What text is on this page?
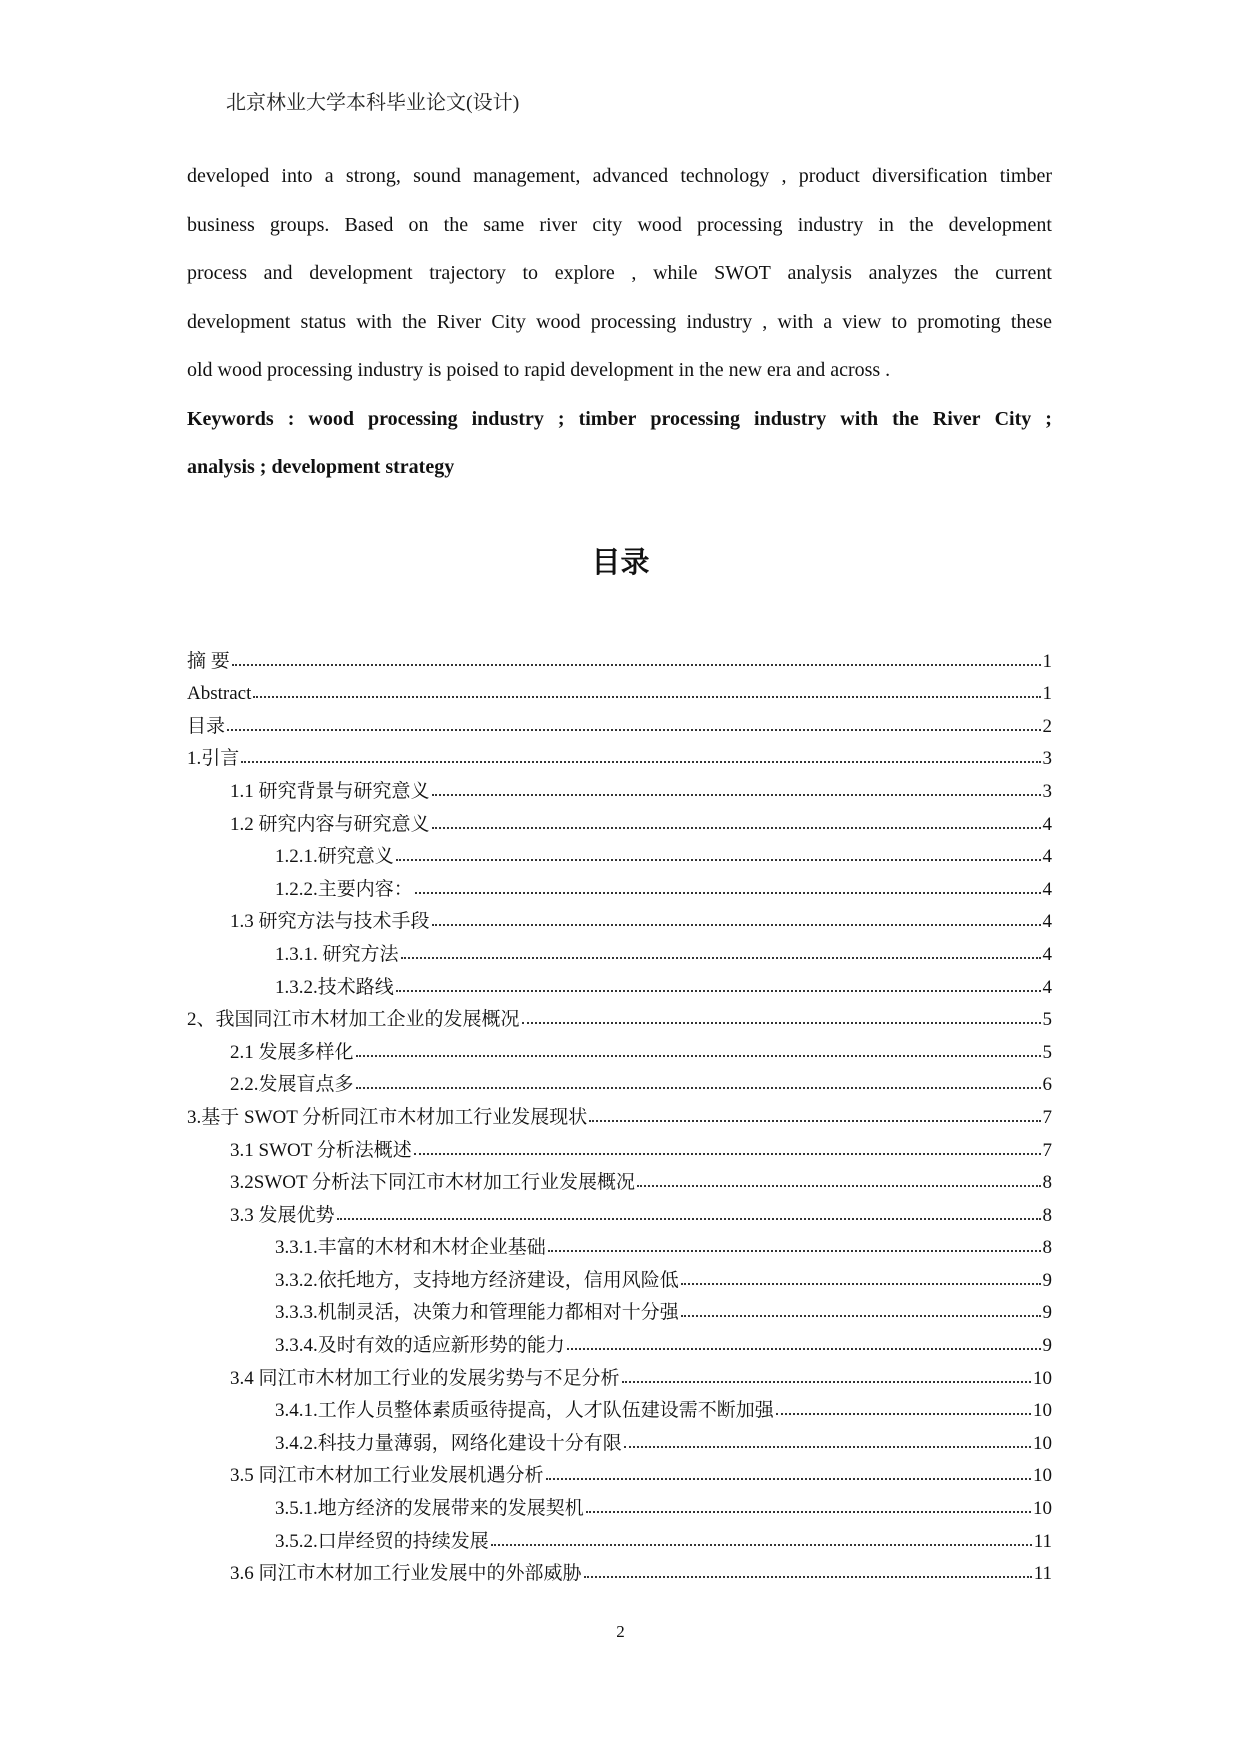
北京林业大学本科毕业论文(设计)
developed into a strong, sound management, advanced technology , product diversification timber
business groups. Based on the same river city wood processing industry in the development
process and development trajectory to explore , while SWOT analysis analyzes the current
development status with the River City wood processing industry , with a view to promoting these
old wood processing industry is poised to rapid development in the new era and across .
Keywords : wood processing industry ; timber processing industry with the River City ;
analysis ; development strategy
目录
摘 要	1
Abstract	1
目录	2
1.引言	3
1.1 研究背景与研究意义	3
1.2 研究内容与研究意义	4
1.2.1.研究意义	4
1.2.2.主要内容：	4
1.3 研究方法与技术手段	4
1.3.1. 研究方法	4
1.3.2.技术路线	4
2、我国同江市木材加工企业的发展概况	5
2.1 发展多样化	5
2.2.发展盲点多	6
3.基于 SWOT 分析同江市木材加工行业发展现状	7
3.1 SWOT 分析法概述	7
3.2SWOT 分析法下同江市木材加工行业发展概况	8
3.3 发展优势	8
3.3.1.丰富的木材和木材企业基础	8
3.3.2.依托地方，支持地方经济建设，信用风险低	9
3.3.3.机制灵活，决策力和管理能力都相对十分强	9
3.3.4.及时有效的适应新形势的能力	9
3.4 同江市木材加工行业的发展劣势与不足分析	10
3.4.1.工作人员整体素质亟待提高，人才队伍建设需不断加强	10
3.4.2.科技力量薄弱，网络化建设十分有限	10
3.5 同江市木材加工行业发展机遇分析	10
3.5.1.地方经济的发展带来的发展契机	10
3.5.2.口岸经贸的持续发展	11
3.6 同江市木材加工行业发展中的外部威胁	11
2
